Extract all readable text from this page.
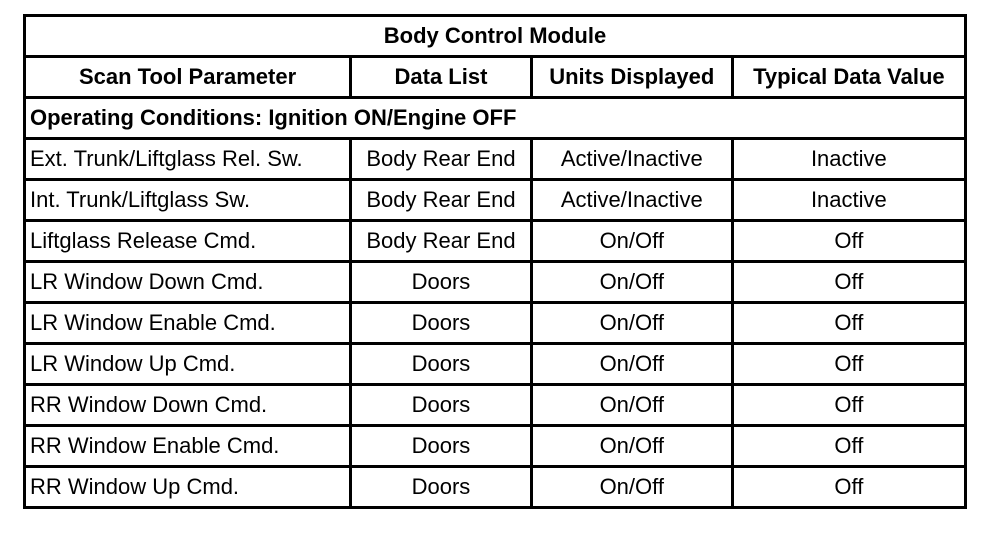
Body Control Module			
Scan Tool Parameter	Data List	Units Displayed	Typical Data Value
Operating Conditions: Ignition ON/Engine OFF			
Ext. Trunk/Liftglass Rel. Sw.	Body Rear End	Active/Inactive	Inactive
Int. Trunk/Liftglass Sw.	Body Rear End	Active/Inactive	Inactive
Liftglass Release Cmd.	Body Rear End	On/Off	Off
LR Window Down Cmd.	Doors	On/Off	Off
LR Window Enable Cmd.	Doors	On/Off	Off
LR Window Up Cmd.	Doors	On/Off	Off
RR Window Down Cmd.	Doors	On/Off	Off
RR Window Enable Cmd.	Doors	On/Off	Off
RR Window Up Cmd.	Doors	On/Off	Off
